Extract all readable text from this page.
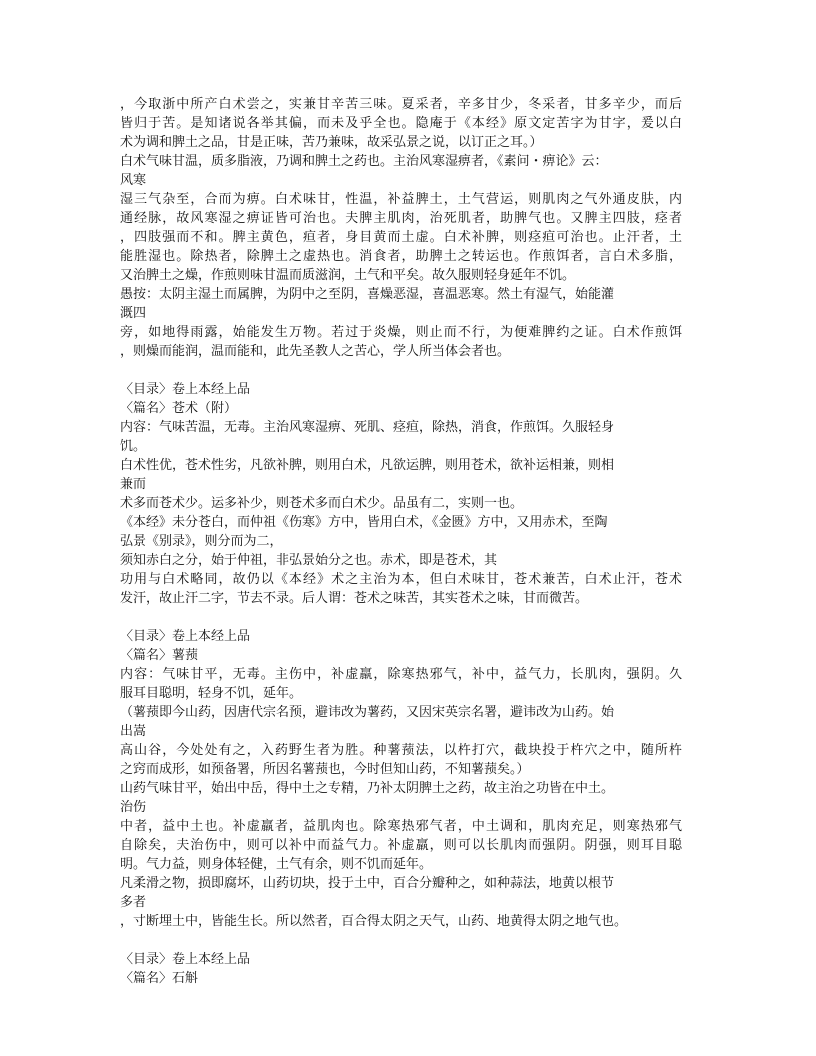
，今取浙中所产白术尝之，实兼甘辛苦三味。夏采者，辛多甘少，冬采者，甘多辛少，而后
皆归于苦。是知诸说各举其偏，而未及乎全也。隐庵于《本经》原文定苦字为甘字，爰以白
术为调和脾土之品，甘是正味，苦乃兼味，故采弘景之说，以订正之耳。）
白术气味甘温，质多脂液，乃调和脾土之药也。主治风寒湿痹者，《素问・痹论》云：
风寒
湿三气杂至，合而为痹。白术味甘，性温，补益脾土，土气营运，则肌肉之气外通皮肤，内
通经脉，故风寒湿之痹证皆可治也。夫脾主肌肉，治死肌者，助脾气也。又脾主四肢，痉者
，四肢强而不和。脾主黄色，疸者，身目黄而土虚。白术补脾，则痉疸可治也。止汗者，土
能胜湿也。除热者，除脾土之虚热也。消食者，助脾土之转运也。作煎饵者，言白术多脂，
又治脾土之燥，作煎则味甘温而质滋润，土气和平矣。故久服则轻身延年不饥。
愚按：太阴主湿土而属脾，为阴中之至阴，喜燥恶湿，喜温恶寒。然土有湿气，始能灌
溉四
旁，如地得雨露，始能发生万物。若过于炎燥，则止而不行，为便难脾约之证。白术作煎饵
，则燥而能润，温而能和，此先圣教人之苦心，学人所当体会者也。
〈目录〉卷上本经上品
〈篇名〉苍术（附）
内容：气味苦温，无毒。主治风寒湿痹、死肌、痉疸，除热，消食，作煎饵。久服轻身
饥。
白术性优，苍术性劣，凡欲补脾，则用白术，凡欲运脾，则用苍术，欲补运相兼，则相
兼而
术多而苍术少。运多补少，则苍术多而白术少。品虽有二，实则一也。
《本经》未分苍白，而仲祖《伤寒》方中，皆用白术，《金匮》方中，又用赤术，至陶
弘景《别录》，则分而为二，
须知赤白之分，始于仲祖，非弘景始分之也。赤术，即是苍术，其
功用与白术略同，故仍以《本经》术之主治为本，但白术味甘，苍术兼苦，白术止汗，苍术
发汗，故止汗二字，节去不录。后人谓：苍术之味苦，其实苍术之味，甘而微苦。
〈目录〉卷上本经上品
〈篇名〉薯蓣
内容：气味甘平，无毒。主伤中，补虚羸，除寒热邪气，补中，益气力，长肌肉，强阴。久
服耳目聪明，轻身不饥，延年。
（薯蓣即今山药，因唐代宗名预，避讳改为薯药，又因宋英宗名署，避讳改为山药。始
出嵩
高山谷，今处处有之，入药野生者为胜。种薯蓣法，以杵打穴，截块投于杵穴之中，随所杵
之窍而成形，如预备署，所因名薯蓣也，今时但知山药，不知薯蓣矣。）
山药气味甘平，始出中岳，得中土之专精，乃补太阴脾土之药，故主治之功皆在中土。
治伤
中者，益中土也。补虚羸者，益肌肉也。除寒热邪气者，中土调和，肌肉充足，则寒热邪气
自除矣，夫治伤中，则可以补中而益气力。补虚羸，则可以长肌肉而强阴。阴强，则耳目聪
明。气力益，则身体轻健，土气有余，则不饥而延年。
凡柔滑之物，损即腐坏，山药切块，投于土中，百合分瓣种之，如种蒜法，地黄以根节
多者
，寸断埋土中，皆能生长。所以然者，百合得太阴之天气，山药、地黄得太阴之地气也。
〈目录〉卷上本经上品
〈篇名〉石斛
